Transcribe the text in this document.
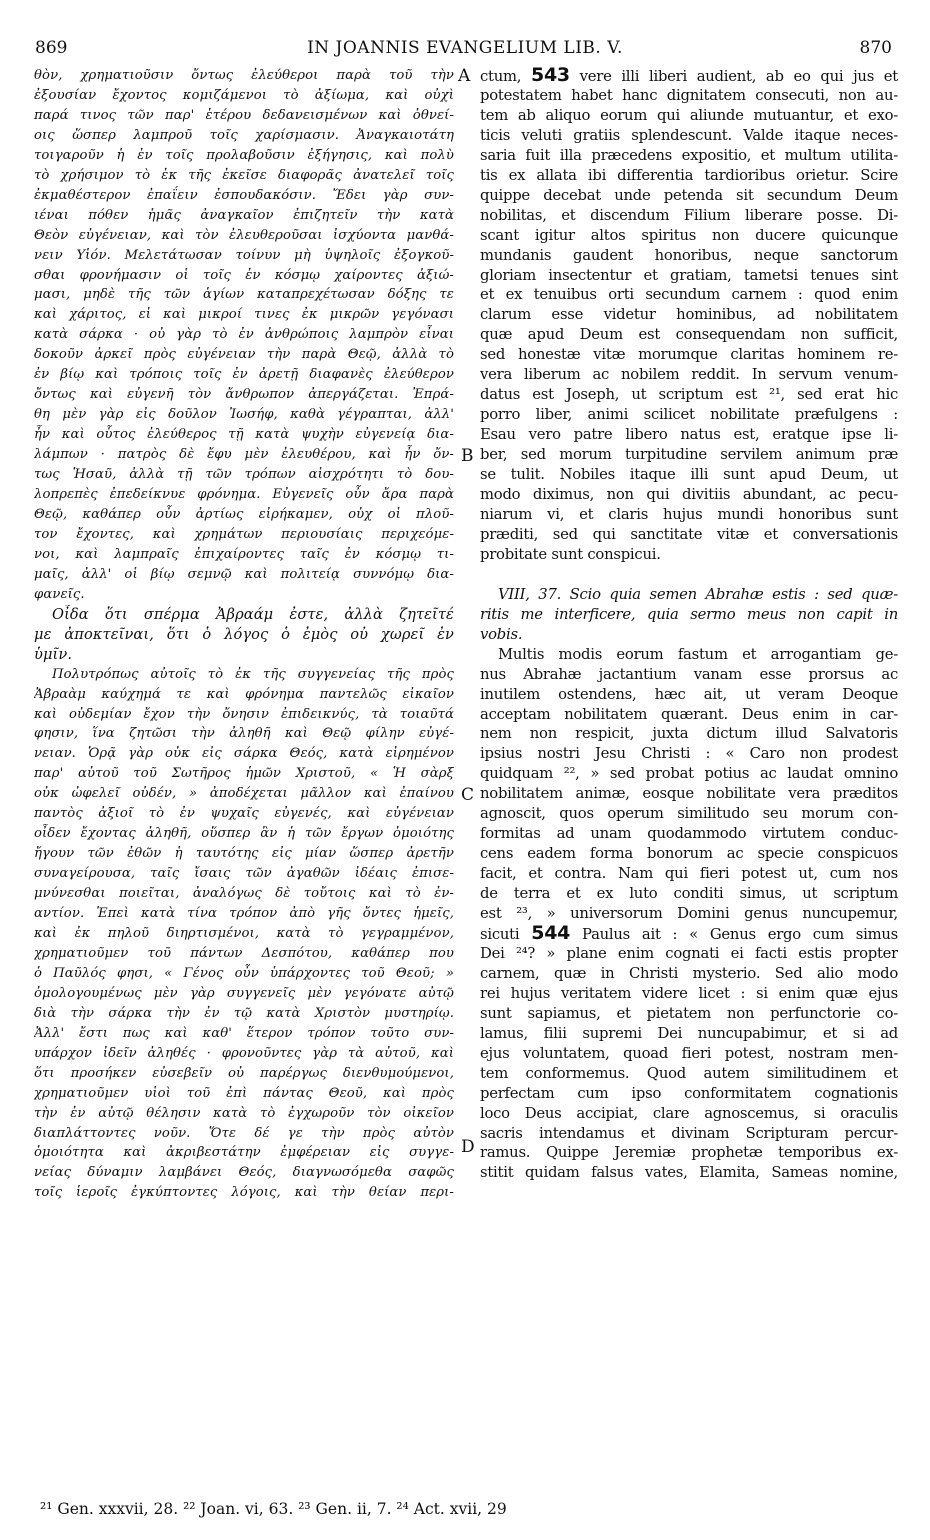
869	IN JOANNIS EVANGELIUM LIB. V.	870
θὸν, χρηματιοῦσιν ὄντως ἐλεύθεροι παρὰ τοῦ τὴν
ἐξουσίαν ἔχοντος κομιζάμενοι τὸ ἀξίωμα, καὶ οὐχὶ
παρά τινος τῶν παρ' ἑτέρου δεδανεισμένων καὶ ὀθνεί-
οις ὥσπερ λαμπροῦ τοῖς χαρίσμασιν. Ἀναγκαιοτάτη
τοιγαροῦν ἡ ἐν τοῖς προλαβοῦσιν ἐξήγησις, καὶ πολὺ
τὸ χρήσιμον τὸ ἐκ τῆς ἐκεῖσε διαφορᾶς ἀνατελεῖ τοῖς
ἐκμαθέστερον ἐπαΐειν ἐσπουδακόσιν. Ἔδει γὰρ συν-
ιέναι πόθεν ἡμᾶς ἀναγκαῖον ἐπιζητεῖν τὴν κατὰ
Θεὸν εὐγένειαν, καὶ τὸν ἐλευθεροῦσαι ἰσχύοντα μανθά-
νειν Υἱόν. Μελετάτωσαν τοίνυν μὴ ὑψηλοῖς ἐξογκοῦ-
σθαι φρονήμασιν οἱ τοῖς ἐν κόσμῳ χαίροντες ἀξιώ-
μασι, μηδὲ τῆς τῶν ἁγίων καταπρεχέτωσαν δόξης τε
καὶ χάριτος, εἰ καὶ μικροί τινες ἐκ μικρῶν γεγόνασι
κατὰ σάρκα · οὐ γὰρ τὸ ἐν ἀνθρώποις λαμπρὸν εἶναι
δοκοῦν ἀρκεῖ πρὸς εὐγένειαν τὴν παρὰ Θεῷ, ἀλλὰ τὸ
ἐν βίῳ καὶ τρόποις τοῖς ἐν ἀρετῇ διαφανὲς ἐλεύθερον
ὄντως καὶ εὐγενῆ τὸν ἄνθρωπον ἀπεργάζεται. Ἐπρά-
θη μὲν γὰρ εἰς δοῦλον Ἰωσήφ, καθὰ γέγραπται, ἀλλ'
ἦν καὶ οὗτος ἐλεύθερος τῇ κατὰ ψυχὴν εὐγενείᾳ δια-
λάμπων · πατρὸς δὲ ἔφυ μὲν ἐλευθέρου, καὶ ἦν ὄν-
τως Ἠσαῦ, ἀλλὰ τῇ τῶν τρόπων αἰσχρότητι τὸ δου-
λοπρεπὲς ἐπεδείκνυε φρόνημα. Εὐγενεῖς οὖν ἄρα παρὰ
Θεῷ, καθάπερ οὖν ἀρτίως εἰρήκαμεν, οὐχ οἱ πλοῦ-
τον ἔχοντες, καὶ χρημάτων περιουσίαις περιχεόμε-
νοι, καὶ λαμπραῖς ἐπιχαίροντες ταῖς ἐν κόσμῳ τι-
μαῖς, ἀλλ' οἱ βίῳ σεμνῷ καὶ πολιτείᾳ συννόμῳ δια-
φανεῖς.
Οἶδα ὅτι σπέρμα Ἀβραάμ ἐστε, ἀλλὰ ζητεῖτέ
με ἀποκτεῖναι, ὅτι ὁ λόγος ὁ ἐμὸς οὐ χωρεῖ ἐν
ὑμῖν.
Πολυτρόπως αὐτοῖς τὸ ἐκ τῆς συγγενείας τῆς πρὸς
Ἀβραὰμ καύχημά τε καὶ φρόνημα παντελῶς εἰκαῖον
καὶ οὐδεμίαν ἔχον τὴν ὄνησιν ἐπιδεικνύς, τὰ τοιαῦτά
φησιν, ἵνα ζητῶσι τὴν ἀληθῆ καὶ Θεῷ φίλην εὐγέ-
νειαν. Ὁρᾷ γὰρ οὐκ εἰς σάρκα Θεός, κατὰ εἰρημένον
παρ' αὐτοῦ τοῦ Σωτῆρος ἡμῶν Χριστοῦ, « Ἡ σὰρξ
οὐκ ὠφελεῖ οὐδέν, » ἀποδέχεται μᾶλλον καὶ ἐπαίνου
παντὸς ἀξιοῖ τὸ ἐν ψυχαῖς εὐγενές, καὶ εὐγένειαν
οἶδεν ἔχοντας ἀληθῆ, οὕσπερ ἂν ἡ τῶν ἔργων ὁμοιότης
ἤγουν τῶν ἐθῶν ἡ ταυτότης εἰς μίαν ὥσπερ ἀρετῆν
συναγείρουσα, ταῖς ἴσαις τῶν ἀγαθῶν ἰδέαις ἐπισε-
μνύνεσθαι ποιεῖται, ἀναλόγως δὲ τοὔτοις καὶ τὸ ἐν-
αντίον. Ἐπεὶ κατὰ τίνα τρόπον ἀπὸ γῆς ὄντες ἡμεῖς,
καὶ ἐκ πηλοῦ διηρτισμένοι, κατὰ τὸ γεγραμμένον,
χρηματιοῦμεν τοῦ πάντων Δεσπότου, καθάπερ που
ὁ Παῦλός φησι, « Γένος οὖν ὑπάρχοντες τοῦ Θεοῦ; »
ὁμολογουμένως μὲν γὰρ συγγενεῖς μὲν γεγόνατε αὐτῷ
διὰ τὴν σάρκα τὴν ἐν τῷ κατὰ Χριστὸν μυστηρίῳ.
Ἀλλ' ἔστι πως καὶ καθ' ἕτερον τρόπον τοῦτο συν-
υπάρχον ἰδεῖν ἀληθές · φρονοῦντες γὰρ τὰ αὐτοῦ, καὶ
ὅτι προσήκεν εὐσεβεῖν οὐ παρέργως διενθυμούμενοι,
χρηματιοῦμεν υἱοὶ τοῦ ἐπὶ πάντας Θεοῦ, καὶ πρὸς
τὴν ἐν αὐτῷ θέλησιν κατὰ τὸ ἐγχωροῦν τὸν οἰκεῖον
διαπλάττοντες νοῦν. Ὅτε δέ γε τὴν πρὸς αὐτὸν
ὁμοιότητα καὶ ἀκριβεστάτην ἐμφέρειαν εἰς συγγε-
νείας δύναμιν λαμβάνει Θεός, διαγνωσόμεθα σαφῶς
τοῖς ἱεροῖς ἐγκύπτοντες λόγοις, καὶ τὴν θείαν περι-
ctum, 543 vere illi liberi audient, ab eo qui jus et
potestatem habet hanc dignitatem consecuti, non au-
tem ab aliquo eorum qui aliunde mutuantur, et exo-
ticis veluti gratiis splendescunt. Valde itaque neces-
saria fuit illa præcedens expositio, et multum utilita-
tis ex allata ibi differentia tardioribus orietur. Scire
quippe decebat unde petenda sit secundum Deum
nobilitas, et discendum Filium liberare posse. Di-
scant igitur altos spiritus non ducere quicunque
mundanis gaudent honoribus, neque sanctorum
gloriam insectentur et gratiam, tametsi tenues sint
et ex tenuibus orti secundum carnem : quod enim
clarum esse videtur hominibus, ad nobilitatem
quæ apud Deum est consequendam non sufficit,
sed honestæ vitæ morumque claritas hominem re-
vera liberum ac nobilem reddit. In servum venum-
datus est Joseph, ut scriptum est ²¹, sed erat hic
porro liber, animi scilicet nobilitate præfulgens :
Esau vero patre libero natus est, eratque ipse li-
ber, sed morum turpitudine servilem animum præ
se tulit. Nobiles itaque illi sunt apud Deum, ut
modo diximus, non qui divitiis abundant, ac pecu-
niarum vi, et claris hujus mundi honoribus sunt
præditi, sed qui sanctitate vitæ et conversationis
probitate sunt conspicui.
VIII, 37. Scio quia semen Abrahæ estis : sed quæ-
ritis me interficere, quia sermo meus non capit in
vobis.
Multis modis eorum fastum et arrogantiam ge-
nus Abrahæ jactantium vanam esse prorsus ac
inutilem ostendens, hæc ait, ut veram Deoque
acceptam nobilitatem quærant. Deus enim in car-
nem non respicit, juxta dictum illud Salvatoris
ipsius nostri Jesu Christi : « Caro non prodest
quidquam ²², » sed probat potius ac laudat omnino
nobilitatem animæ, eosque nobilitate vera præditos
agnoscit, quos operum similitudo seu morum con-
formitas ad unam quodammodo virtutem conduc-
cens eadem forma bonorum ac specie conspicuos
facit, et contra. Nam qui fieri potest ut, cum nos
de terra et ex luto conditi simus, ut scriptum
est ²³, » universorum Domini genus nuncupemur,
sicuti 544 Paulus ait : « Genus ergo cum simus
Dei ²⁴? » plane enim cognati ei facti estis propter
carnem, quæ in Christi mysterio. Sed alio modo
rei hujus veritatem videre licet : si enim quæ ejus
sunt sapiamus, et pietatem non perfunctorie co-
lamus, filii supremi Dei nuncupabimur, et si ad
ejus voluntatem, quoad fieri potest, nostram men-
tem conformemus. Quod autem similitudinem et
perfectam cum ipso conformitatem cognationis
loco Deus accipiat, clare agnoscemus, si oraculis
sacris intendamus et divinam Scripturam percur-
ramus. Quippe Jeremiæ prophetæ temporibus ex-
stitit quidam falsus vates, Elamita, Sameas nomine,
A
B
C
D
²¹ Gen. xxxvii, 28. ²² Joan. vi, 63. ²³ Gen. ii, 7. ²⁴ Act. xvii, 29
